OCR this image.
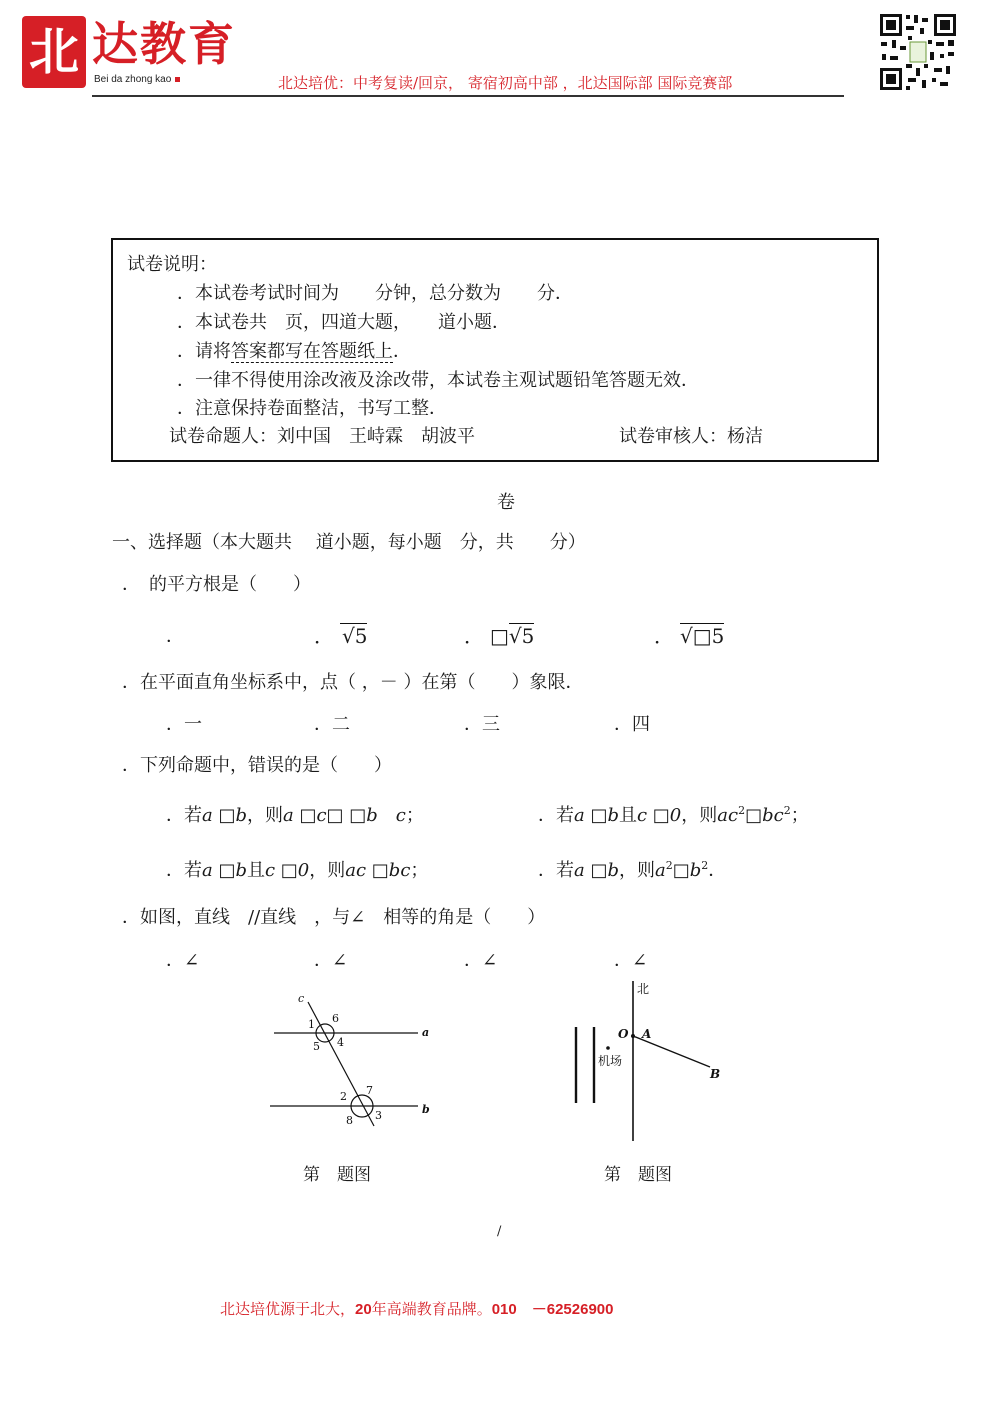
北 达教育
Bei da zhong kao	北达培优：中考复读/回京， 寄宿初高中部 ，北达国际部 国际竞赛部
试卷说明：
．本试卷考试时间为　　分钟，总分数为　　分．
．本试卷共　页，四道大题，　　道小题．
．请将答案都写在答题纸上．
．一律不得使用涂改液及涂改带，本试卷主观试题铅笔答题无效．
．注意保持卷面整洁，书写工整．
试卷命题人：刘中国　王峙霖　胡波平	试卷审核人：杨洁
卷
一、选择题（本大题共　 道小题，每小题　分，共　　分）
．　的平方根是（　　）
．	． √5	． □√5	． √□5
．在平面直角坐标系中，点（ ，－ ）在第（　　）象限．
．一	．二	．三	．四
．下列命题中，错误的是（　　）
．若a □b，则a □c□ □b　c；	．若a □b且c □0，则$ac^2□bc^2$；
．若a □b且c □0，则ac □bc；	．若a □b，则$a^2□b^2$．
．如图，直线　//直线　，与∠　相等的角是（　　）
．∠	．∠	．∠	．∠
c
a
b
1 6
5 4
2 7
8 3
第　题图
北
O A
机场
B
第　题图
/
北达培优源于北大，20年高端教育品牌。010　－62526900
